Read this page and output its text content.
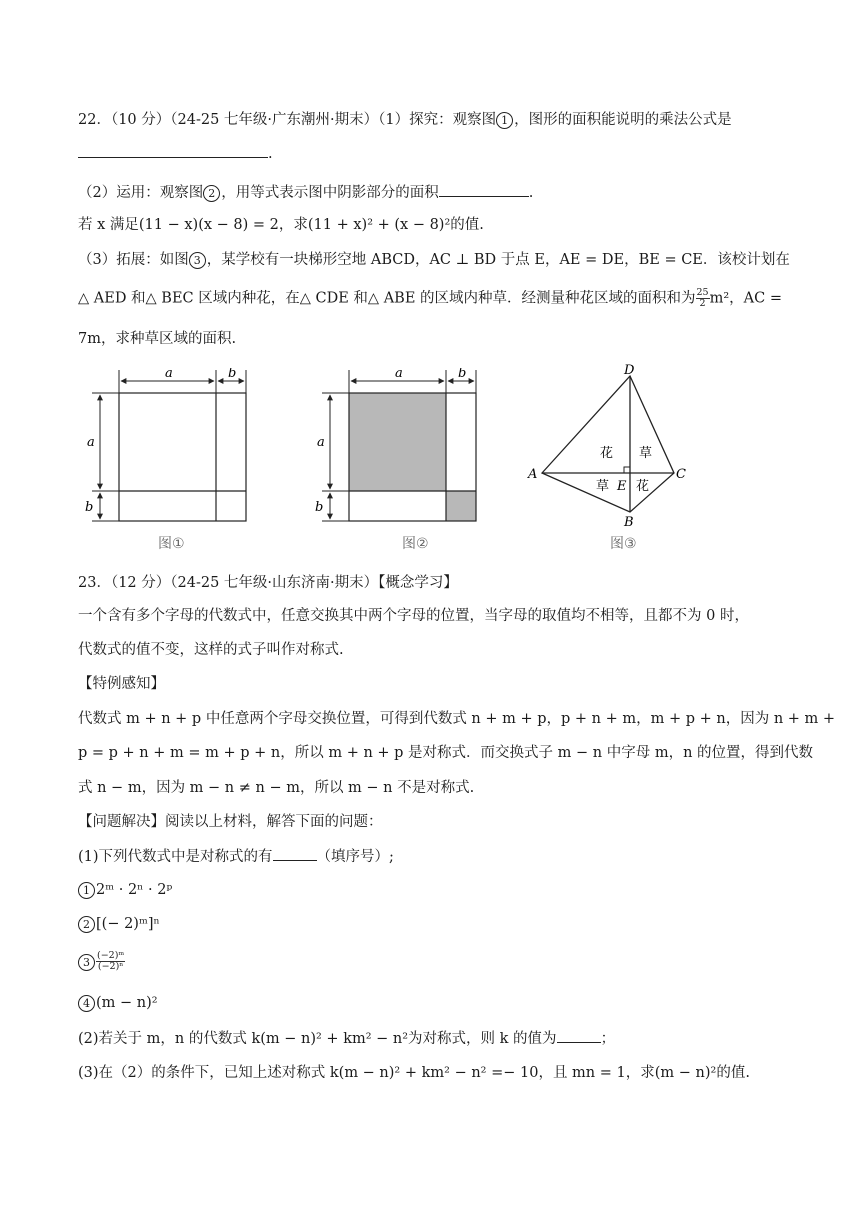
22．（10 分）（24-25 七年级·广东潮州·期末）（1）探究：观察图 1 ，图形的面积能说明的乘法公式是
.
（2）运用：观察图 2 ，用等式表示图中阴影部分的面积	.
若 x 满足(11 − x)(x − 8) = 2，求(11 + x)² + (x − 8)²的值.
（3）拓展：如图 3 ，某学校有一块梯形空地 ABCD，AC ⊥ BD 于点 E，AE = DE，BE = CE．该校计划在
△ AED 和△ BEC 区域内种花，在△ CDE 和△ ABE 的区域内种草．经测量种花区域的面积和为 $\frac{25}{2} m^2$，AC =
7m，求种草区域的面积.
a	b
a
b
图①
a	b
a
b
图②
D
A	C
B
E
花 草
草 花
图③
23．（12 分）（24-25 七年级·山东济南·期末）【概念学习】
一个含有多个字母的代数式中，任意交换其中两个字母的位置，当字母的取值均不相等，且都不为 0 时，
代数式的值不变，这样的式子叫作对称式.
【特例感知】
代数式 m + n + p 中任意两个字母交换位置，可得到代数式 n + m + p，p + n + m，m + p + n，因为 n + m +
p = p + n + m = m + p + n，所以 m + n + p 是对称式．而交换式子 m − n 中字母 m，n 的位置，得到代数
式 n − m，因为 m − n ≠ n − m，所以 m − n 不是对称式.
【问题解决】阅读以上材料，解答下面的问题：
(1)下列代数式中是对称式的有	（填序号）;
1 2ᵐ · 2ⁿ · 2ᵖ
2 [(− 2)ᵐ]ⁿ
$3 \frac{\text{(−2)ᵐ}}{\text{(−2)ⁿ}}$
4 (m − n)²
(2)若关于 m，n 的代数式 k(m − n)² + km² − n²为对称式，则 k 的值为	；
(3)在（2）的条件下，已知上述对称式 k(m − n)² + km² − n² =− 10，且 mn = 1，求(m − n)²的值.
